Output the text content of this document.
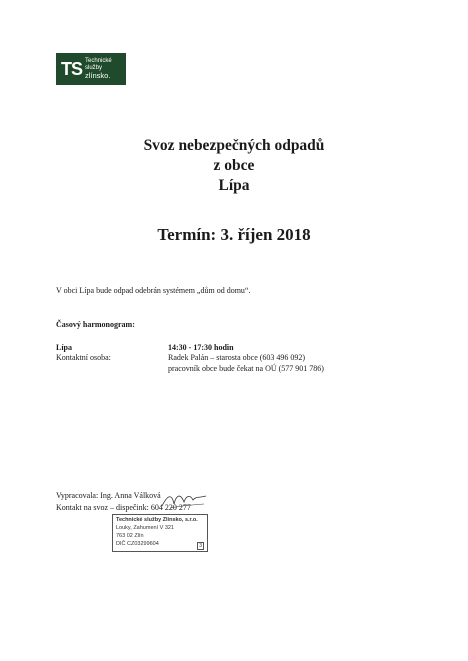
TS Technické
služby
zlínsko.
Svoz nebezpečných odpadů
z obce
Lípa
Termín: 3. říjen 2018
V obci Lípa bude odpad odebrán systémem „dům od domu“.
Časový harmonogram:
Lípa	14:30 - 17:30 hodin
Kontaktní osoba:	Radek Palán – starosta obce (603 496 092)
pracovník obce bude čekat na OÚ (577 901 786)
Vypracovala: Ing. Anna Válková
Kontakt na svoz – dispečink: 604 220 277
Technické služby Zlínsko, s.r.o.
Louky, Zahumení V 321
763 02 Zlín
DIČ CZ03299604	3
